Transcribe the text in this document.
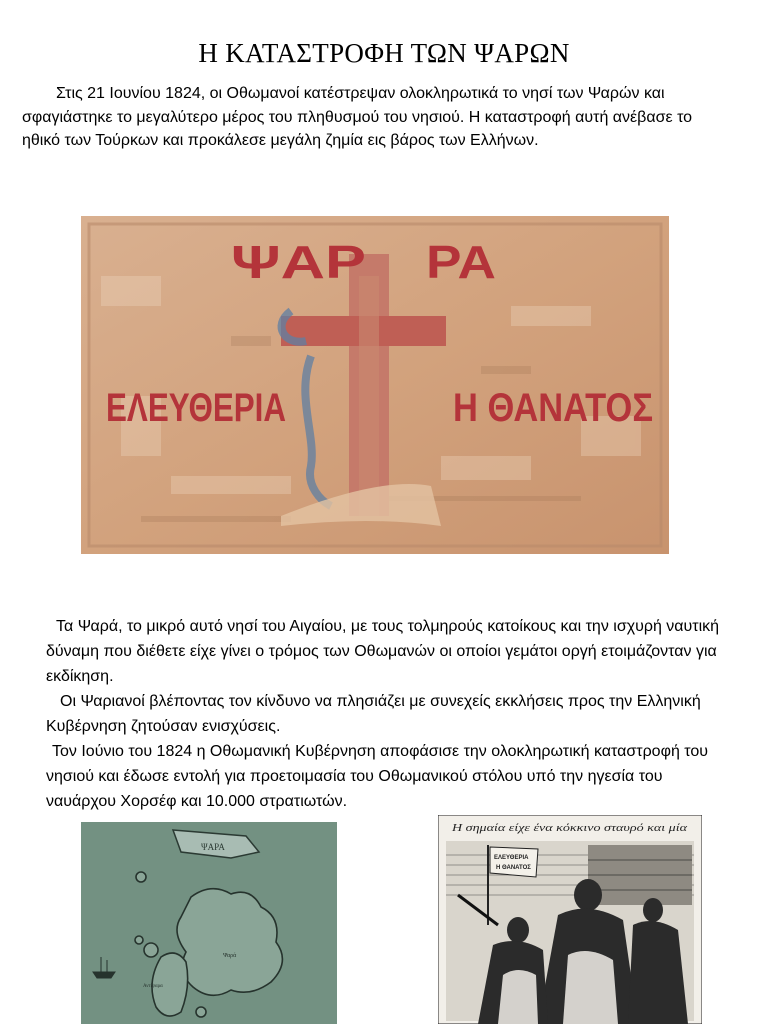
Η ΚΑΤΑΣΤΡΟΦΗ ΤΩΝ ΨΑΡΩΝ

Στις 21 Ιουνίου 1824, οι Οθωμανοί κατέστρεψαν ολοκληρωτικά το νησί των Ψαρών και σφαγιάστηκε το μεγαλύτερο μέρος του πληθυσμού του νησιού. Η καταστροφή αυτή ανέβασε το ηθικό των Τούρκων και προκάλεσε μεγάλη ζημία εις βάρος των Ελλήνων.

ΨΑΡ ΡΑ
ΕΛΕΥΘΕΡΙΑ	Η ΘΑΝΑΤΟΣ
Τα Ψαρά, το μικρό αυτό νησί του Αιγαίου, με τους τολμηρούς κατοίκους και την ισχυρή ναυτική δύναμη που διέθετε είχε γίνει ο τρόμος των Οθωμανών οι οποίοι γεμάτοι οργή ετοιμάζονταν για εκδίκηση.
Οι Ψαριανοί βλέποντας τον κίνδυνο να πλησιάζει με συνεχείς εκκλήσεις προς την Ελληνική Κυβέρνηση ζητούσαν ενισχύσεις.
Τον Ιούνιο του 1824 η Οθωμανική Κυβέρνηση αποφάσισε την ολοκληρωτική καταστροφή του νησιού και έδωσε εντολή για προετοιμασία του Οθωμανικού στόλου υπό την ηγεσία του ναυάρχου Χορσέφ και 10.000 στρατιωτών.
ΨΑΡΑ
Ψαρά
Αντίψαρα
Η σημαία είχε ένα κόκκινο σταυρό και μία
ΕΛΕΥΘΕΡΙΑ
Η ΘΑΝΑΤΟΣ
